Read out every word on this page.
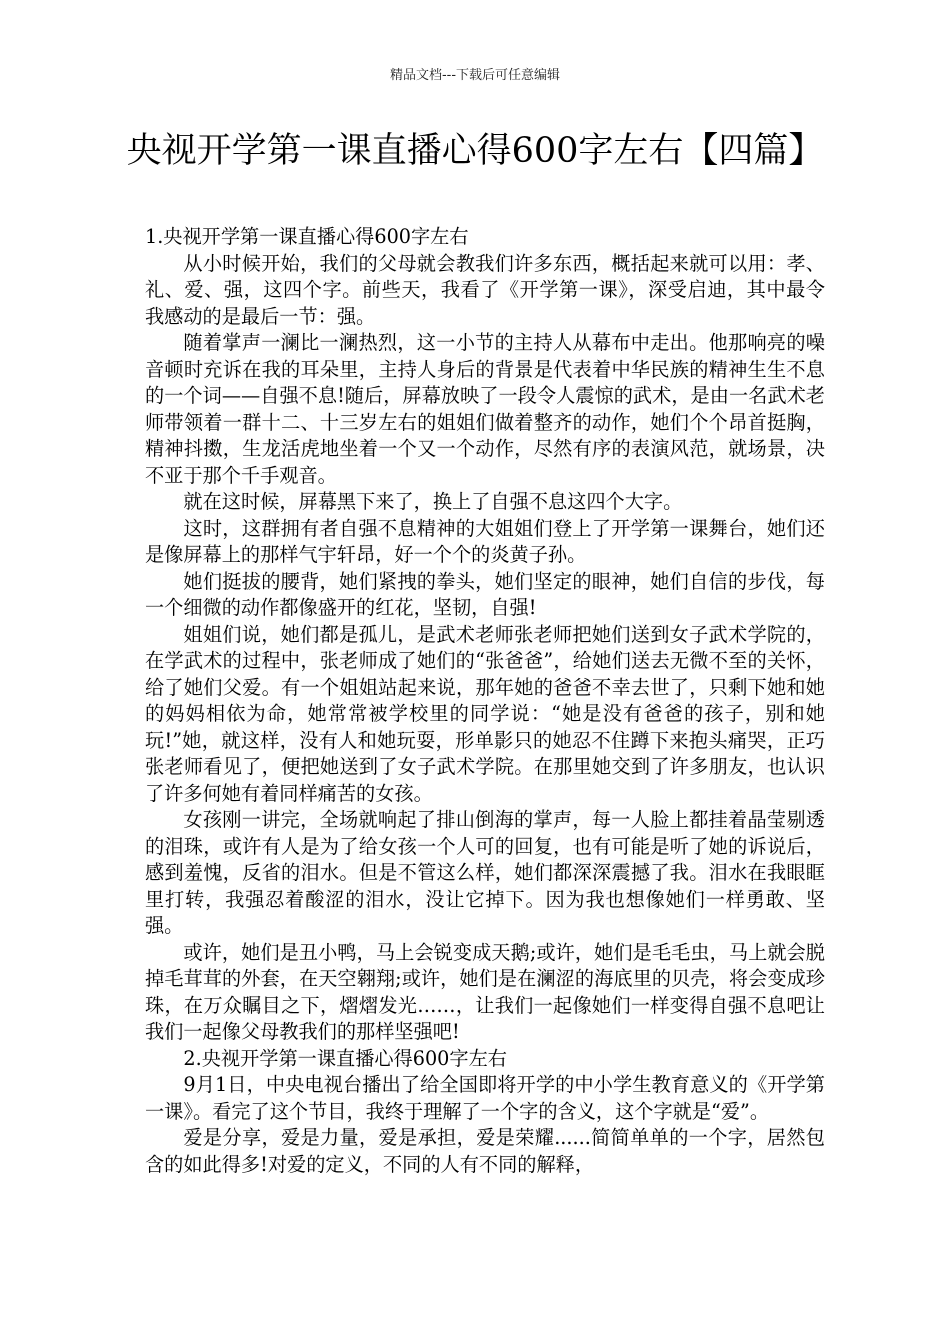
精品文档---下载后可任意编辑
央视开学第一课直播心得600字左右【四篇】

1.央视开学第一课直播心得600字左右

从小时候开始，我们的父母就会教我们许多东西，概括起来就可以用：孝、礼、爱、强，这四个字。前些天，我看了《开学第一课》，深受启迪，其中最令我感动的是最后一节：强。

随着掌声一澜比一澜热烈，这一小节的主持人从幕布中走出。他那响亮的噪音顿时充诉在我的耳朵里，主持人身后的背景是代表着中华民族的精神生生不息的一个词——自强不息!随后，屏幕放映了一段令人震惊的武术，是由一名武术老师带领着一群十二、十三岁左右的姐姐们做着整齐的动作，她们个个昂首挺胸，精神抖擞，生龙活虎地坐着一个又一个动作，尽然有序的表演风范，就场景，决不亚于那个千手观音。

就在这时候，屏幕黑下来了，换上了自强不息这四个大字。

这时，这群拥有者自强不息精神的大姐姐们登上了开学第一课舞台，她们还是像屏幕上的那样气宇轩昂，好一个个的炎黄子孙。

她们挺拔的腰背，她们紧拽的拳头，她们坚定的眼神，她们自信的步伐，每一个细微的动作都像盛开的红花，坚韧，自强!

姐姐们说，她们都是孤儿，是武术老师张老师把她们送到女子武术学院的，在学武术的过程中，张老师成了她们的“张爸爸”，给她们送去无微不至的关怀，给了她们父爱。有一个姐姐站起来说，那年她的爸爸不幸去世了，只剩下她和她的妈妈相依为命，她常常被学校里的同学说：“她是没有爸爸的孩子，别和她玩!”她，就这样，没有人和她玩耍，形单影只的她忍不住蹲下来抱头痛哭，正巧张老师看见了，便把她送到了女子武术学院。在那里她交到了许多朋友，也认识了许多何她有着同样痛苦的女孩。

女孩刚一讲完，全场就响起了排山倒海的掌声，每一人脸上都挂着晶莹剔透的泪珠，或许有人是为了给女孩一个人可的回复，也有可能是听了她的诉说后，感到羞愧，反省的泪水。但是不管这么样，她们都深深震撼了我。泪水在我眼眶里打转，我强忍着酸涩的泪水，没让它掉下。因为我也想像她们一样勇敢、坚强。

或许，她们是丑小鸭，马上会锐变成天鹅;或许，她们是毛毛虫，马上就会脱掉毛茸茸的外套，在天空翱翔;或许，她们是在澜涩的海底里的贝壳，将会变成珍珠，在万众瞩目之下，熠熠发光……，让我们一起像她们一样变得自强不息吧让我们一起像父母教我们的那样坚强吧!

2.央视开学第一课直播心得600字左右

9月1日，中央电视台播出了给全国即将开学的中小学生教育意义的《开学第一课》。看完了这个节目，我终于理解了一个字的含义，这个字就是“爱”。

爱是分享，爱是力量，爱是承担，爱是荣耀......简简单单的一个字，居然包含的如此得多!对爱的定义，不同的人有不同的解释，
